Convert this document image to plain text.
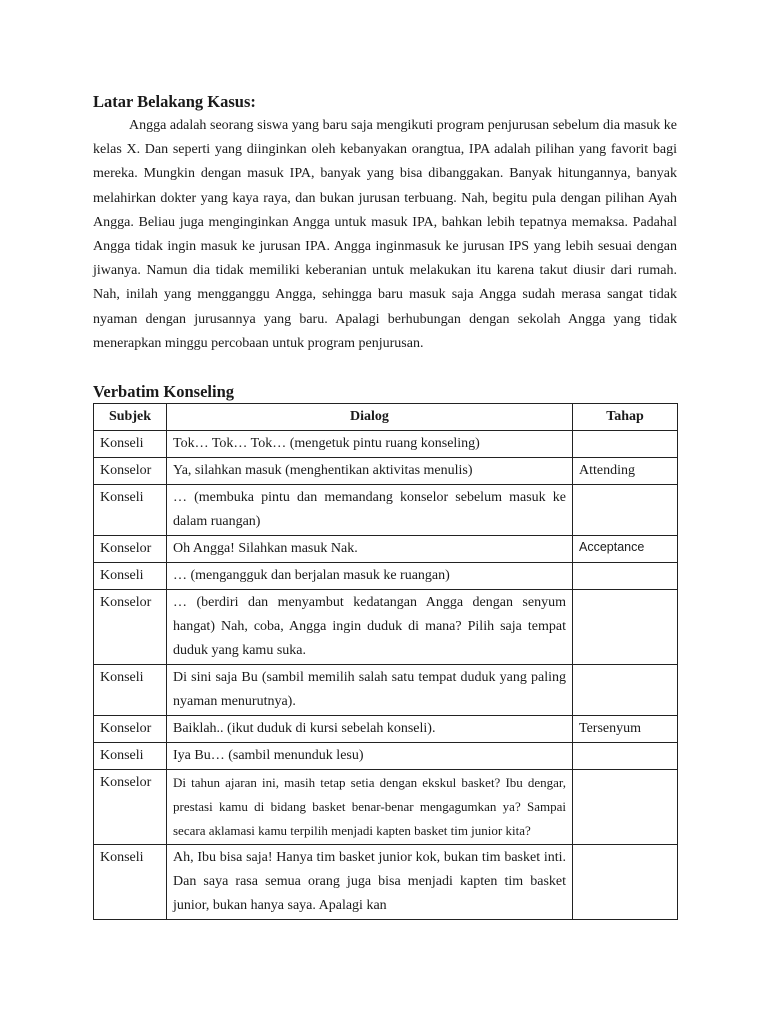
Latar Belakang Kasus:

Angga adalah seorang siswa yang baru saja mengikuti program penjurusan sebelum dia masuk ke kelas X. Dan seperti yang diinginkan oleh kebanyakan orangtua, IPA adalah pilihan yang favorit bagi mereka. Mungkin dengan masuk IPA, banyak yang bisa dibanggakan. Banyak hitungannya, banyak melahirkan dokter yang kaya raya, dan bukan jurusan terbuang. Nah, begitu pula dengan pilihan Ayah Angga. Beliau juga menginginkan Angga untuk masuk IPA, bahkan lebih tepatnya memaksa. Padahal Angga tidak ingin masuk ke jurusan IPA. Angga inginmasuk ke jurusan IPS yang lebih sesuai dengan jiwanya. Namun dia tidak memiliki keberanian untuk melakukan itu karena takut diusir dari rumah. Nah, inilah yang mengganggu Angga, sehingga baru masuk saja Angga sudah merasa sangat tidak nyaman dengan jurusannya yang baru. Apalagi berhubungan dengan sekolah Angga yang tidak menerapkan minggu percobaan untuk program penjurusan.

Verbatim Konseling
Subjek	Dialog	Tahap
Konseli	Tok… Tok… Tok… (mengetuk pintu ruang konseling)	
Konselor	Ya, silahkan masuk (menghentikan aktivitas menulis)	Attending
Konseli	… (membuka pintu dan memandang konselor sebelum masuk ke dalam ruangan)	
Konselor	Oh Angga! Silahkan masuk Nak.	Acceptance

Konseli	… (mengangguk dan berjalan masuk ke ruangan)	
Konselor	… (berdiri dan menyambut kedatangan Angga dengan senyum hangat) Nah, coba, Angga ingin duduk di mana? Pilih saja tempat duduk yang kamu suka.	
Konseli	Di sini saja Bu (sambil memilih salah satu tempat duduk yang paling nyaman menurutnya).	
Konselor	Baiklah.. (ikut duduk di kursi sebelah konseli).	Tersenyum
Konseli	Iya Bu… (sambil menunduk lesu)	
Konselor	Di tahun ajaran ini, masih tetap setia dengan ekskul basket? Ibu dengar, prestasi kamu di bidang basket benar-benar mengagumkan ya? Sampai secara aklamasi kamu terpilih menjadi kapten basket tim junior kita?	
Konseli	Ah, Ibu bisa saja! Hanya tim basket junior kok, bukan tim basket inti. Dan saya rasa semua orang juga bisa menjadi kapten tim basket junior, bukan hanya saya. Apalagi kan	
